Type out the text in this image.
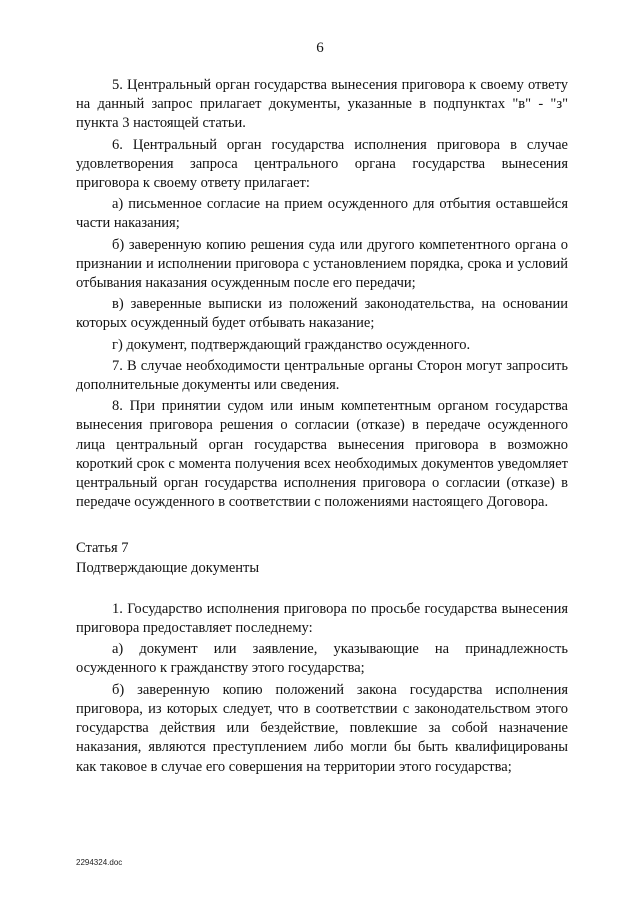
6

5. Центральный орган государства вынесения приговора к своему ответу на данный запрос прилагает документы, указанные в подпунктах "в" - "з" пункта 3 настоящей статьи.

6. Центральный орган государства исполнения приговора в случае удовлетворения запроса центрального органа государства вынесения приговора к своему ответу прилагает:

а) письменное согласие на прием осужденного для отбытия оставшейся части наказания;

б) заверенную копию решения суда или другого компетентного органа о признании и исполнении приговора с установлением порядка, срока и условий отбывания наказания осужденным после его передачи;

в) заверенные выписки из положений законодательства, на основании которых осужденный будет отбывать наказание;

г) документ, подтверждающий гражданство осужденного.

7. В случае необходимости центральные органы Сторон могут запросить дополнительные документы или сведения.

8. При принятии судом или иным компетентным органом государства вынесения приговора решения о согласии (отказе) в передаче осужденного лица центральный орган государства вынесения приговора в возможно короткий срок с момента получения всех необходимых документов уведомляет центральный орган государства исполнения приговора о согласии (отказе) в передаче осужденного в соответствии с положениями настоящего Договора.

Статья 7

Подтверждающие документы

1. Государство исполнения приговора по просьбе государства вынесения приговора предоставляет последнему:

а) документ или заявление, указывающие на принадлежность осужденного к гражданству этого государства;

б) заверенную копию положений закона государства исполнения приговора, из которых следует, что в соответствии с законодательством этого государства действия или бездействие, повлекшие за собой назначение наказания, являются преступлением либо могли бы быть квалифицированы как таковое в случае его совершения на территории этого государства;

2294324.doc
